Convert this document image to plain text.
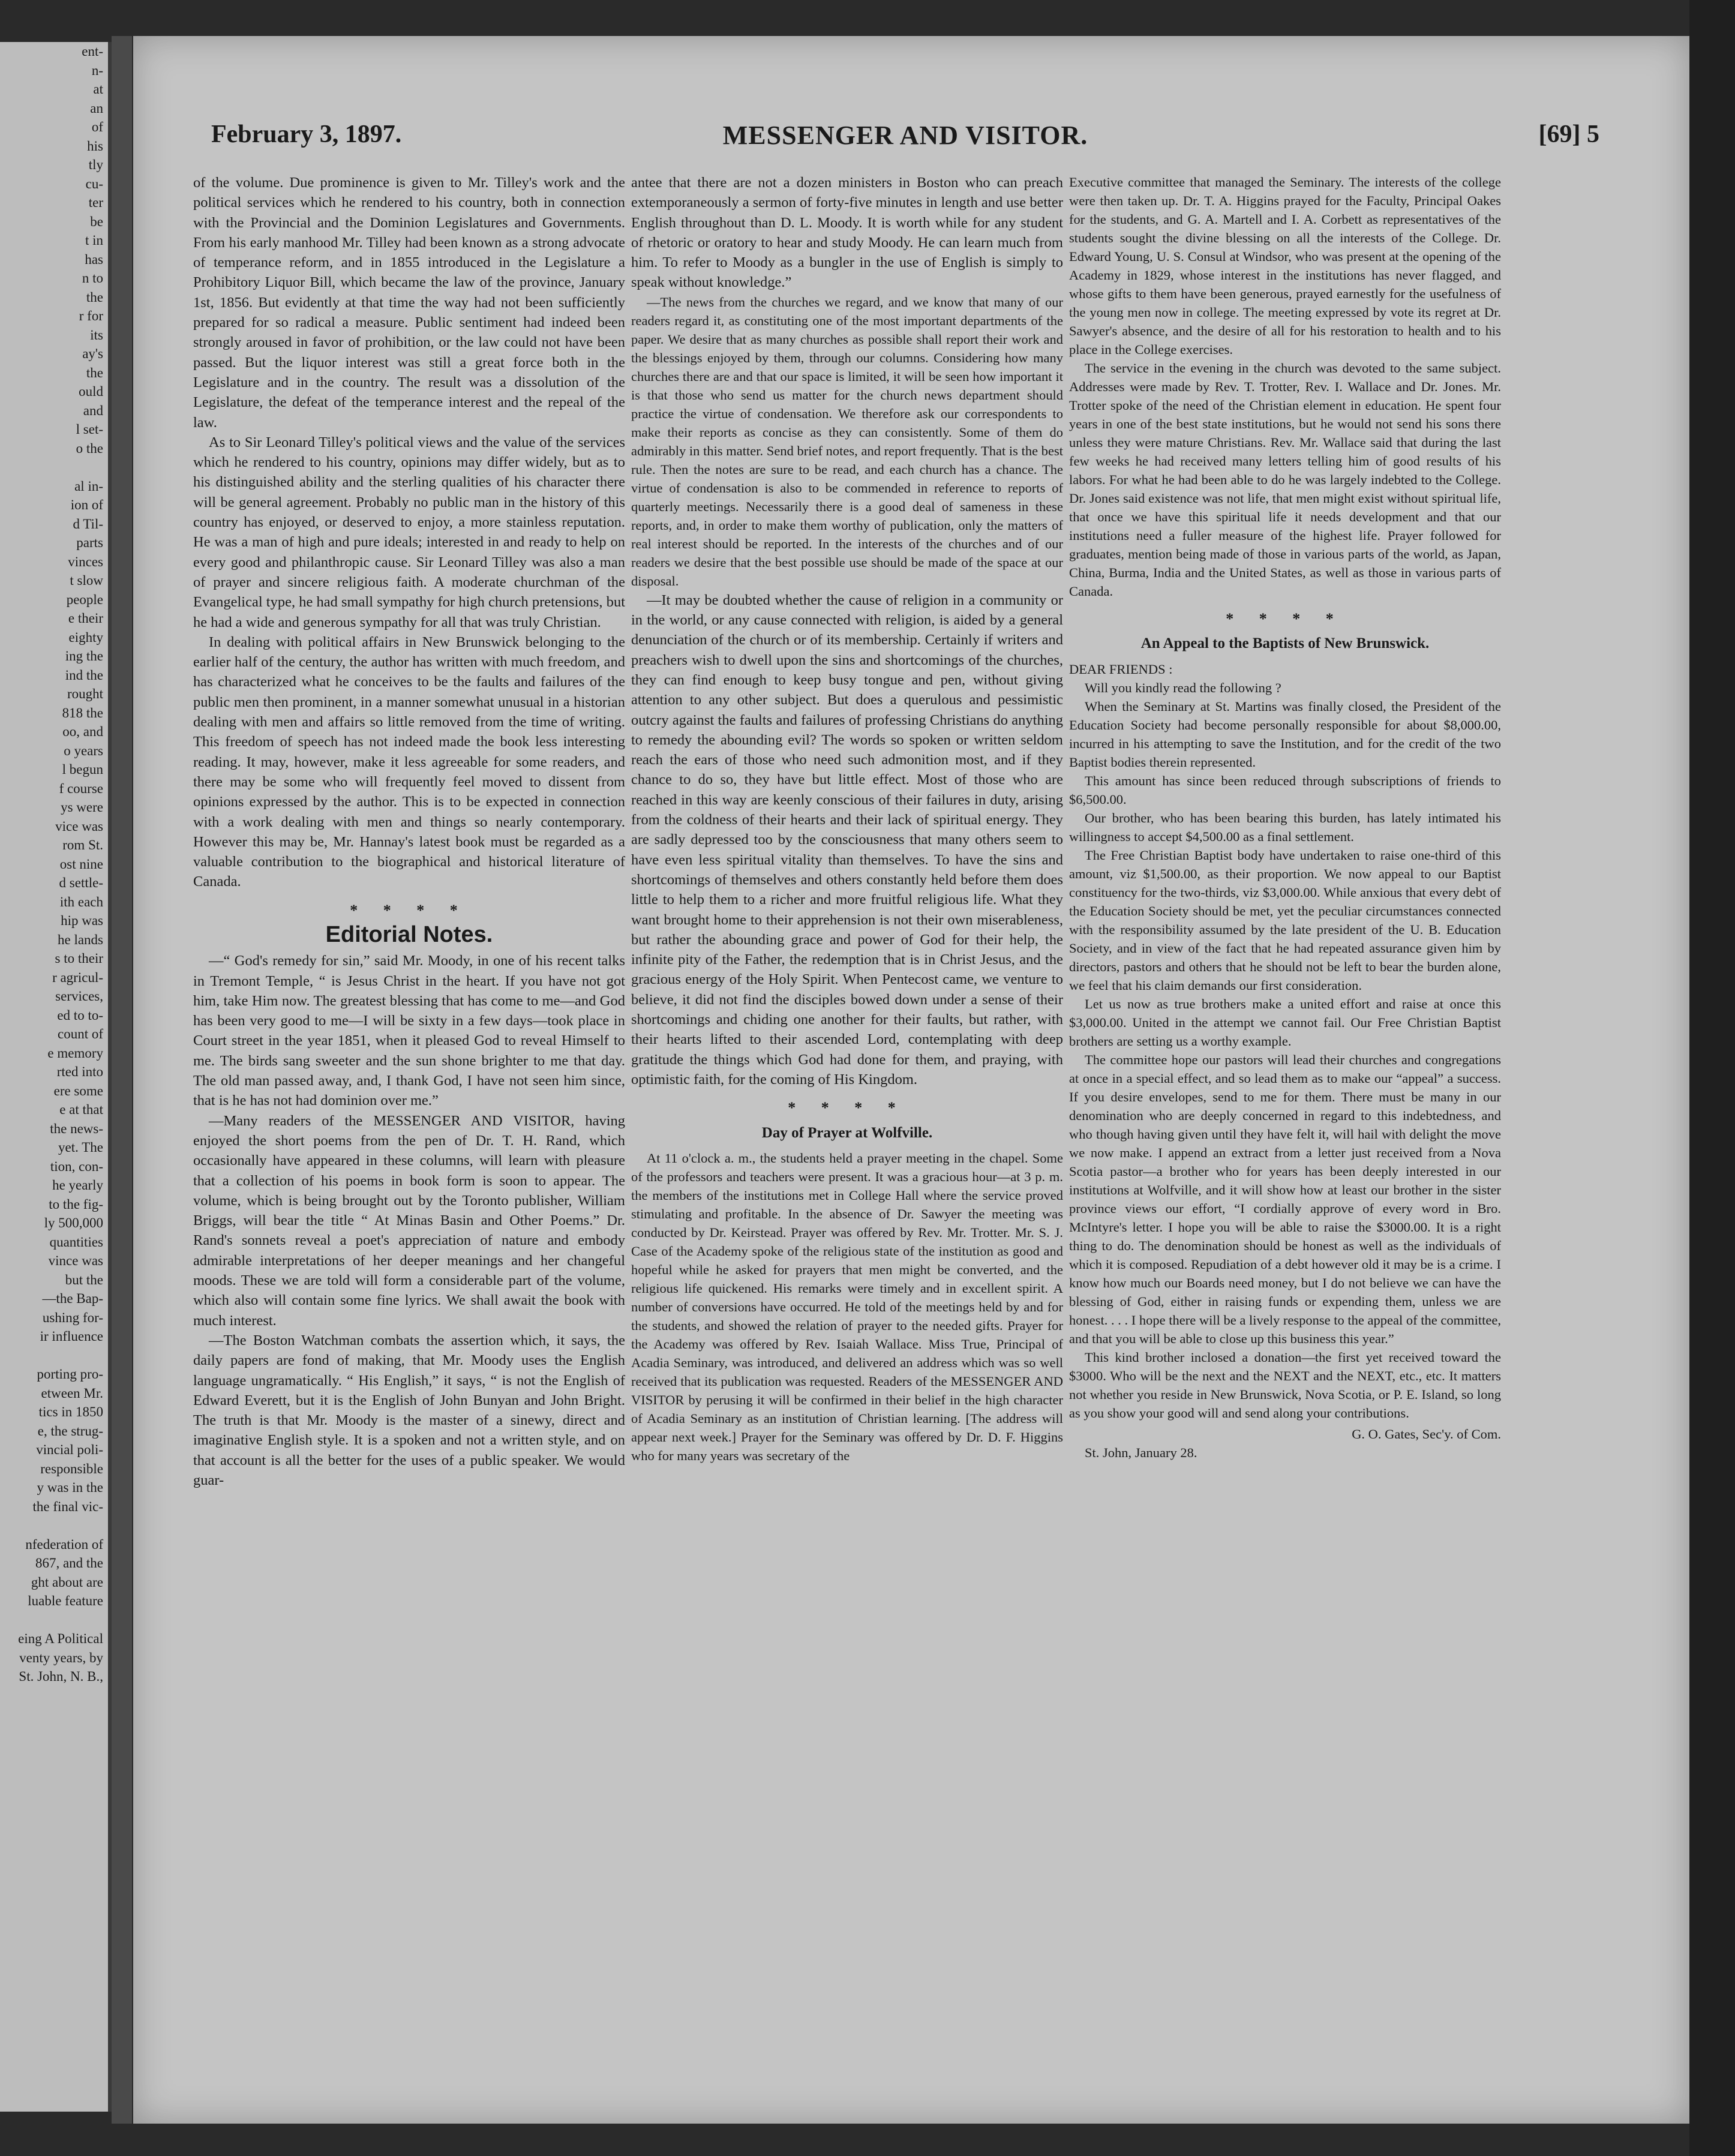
ent-
n-
at
an
of
his
tly
cu-
ter
be
t in
has
n to
the
r for
its
ay's
the
ould
and
l set-
o the

al in-
ion of
d Til-
parts
vinces
t slow
people
e their
eighty
ing the
ind the
rought
818 the
oo, and
o years
l begun
f course
ys were
vice was
rom St.
ost nine
d settle-
ith each
hip was
he lands
s to their
r agricul-
services,
ed to to-
count of
e memory
rted into
ere some
e at that
the news-
yet. The
tion, con-
he yearly
to the fig-
ly 500,000
quantities
vince was
but the
—the Bap-
ushing for-
ir influence

porting pro-
etween Mr.
tics in 1850
e, the strug-
vincial poli-
responsible
y was in the
the final vic-

nfederation of
867, and the
ght about are
luable feature

eing A Political
venty years, by
St. John, N. B.,
February 3, 1897.	MESSENGER AND VISITOR.	[69] 5

of the volume. Due prominence is given to Mr. Tilley's work and the political services which he rendered to his country, both in connection with the Provincial and the Dominion Legislatures and Governments. From his early manhood Mr. Tilley had been known as a strong advocate of temperance reform, and in 1855 introduced in the Legislature a Prohibitory Liquor Bill, which became the law of the province, January 1st, 1856. But evidently at that time the way had not been sufficiently prepared for so radical a measure. Public sentiment had indeed been strongly aroused in favor of prohibition, or the law could not have been passed. But the liquor interest was still a great force both in the Legislature and in the country. The result was a dissolution of the Legislature, the defeat of the temperance interest and the repeal of the law.

As to Sir Leonard Tilley's political views and the value of the services which he rendered to his country, opinions may differ widely, but as to his distinguished ability and the sterling qualities of his character there will be general agreement. Probably no public man in the history of this country has enjoyed, or deserved to enjoy, a more stainless reputation. He was a man of high and pure ideals; interested in and ready to help on every good and philanthropic cause. Sir Leonard Tilley was also a man of prayer and sincere religious faith. A moderate churchman of the Evangelical type, he had small sympathy for high church pretensions, but he had a wide and generous sympathy for all that was truly Christian.

In dealing with political affairs in New Brunswick belonging to the earlier half of the century, the author has written with much freedom, and has characterized what he conceives to be the faults and failures of the public men then prominent, in a manner somewhat unusual in a historian dealing with men and affairs so little removed from the time of writing. This freedom of speech has not indeed made the book less interesting reading. It may, however, make it less agreeable for some readers, and there may be some who will frequently feel moved to dissent from opinions expressed by the author. This is to be expected in connection with a work dealing with men and things so nearly contemporary. However this may be, Mr. Hannay's latest book must be regarded as a valuable contribution to the biographical and historical literature of Canada.

* * * *
Editorial Notes.

—“ God's remedy for sin,” said Mr. Moody, in one of his recent talks in Tremont Temple, “ is Jesus Christ in the heart. If you have not got him, take Him now. The greatest blessing that has come to me—and God has been very good to me—I will be sixty in a few days—took place in Court street in the year 1851, when it pleased God to reveal Himself to me. The birds sang sweeter and the sun shone brighter to me that day. The old man passed away, and, I thank God, I have not seen him since, that is he has not had dominion over me.”

—Many readers of the MESSENGER AND VISITOR, having enjoyed the short poems from the pen of Dr. T. H. Rand, which occasionally have appeared in these columns, will learn with pleasure that a collection of his poems in book form is soon to appear. The volume, which is being brought out by the Toronto publisher, William Briggs, will bear the title “ At Minas Basin and Other Poems.” Dr. Rand's sonnets reveal a poet's appreciation of nature and embody admirable interpretations of her deeper meanings and her changeful moods. These we are told will form a considerable part of the volume, which also will contain some fine lyrics. We shall await the book with much interest.

—The Boston Watchman combats the assertion which, it says, the daily papers are fond of making, that Mr. Moody uses the English language ungramatically. “ His English,” it says, “ is not the English of Edward Everett, but it is the English of John Bunyan and John Bright. The truth is that Mr. Moody is the master of a sinewy, direct and imaginative English style. It is a spoken and not a written style, and on that account is all the better for the uses of a public speaker. We would guar-

antee that there are not a dozen ministers in Boston who can preach extemporaneously a sermon of forty-five minutes in length and use better English throughout than D. L. Moody. It is worth while for any student of rhetoric or oratory to hear and study Moody. He can learn much from him. To refer to Moody as a bungler in the use of English is simply to speak without knowledge.”

—The news from the churches we regard, and we know that many of our readers regard it, as constituting one of the most important departments of the paper. We desire that as many churches as possible shall report their work and the blessings enjoyed by them, through our columns. Considering how many churches there are and that our space is limited, it will be seen how important it is that those who send us matter for the church news department should practice the virtue of condensation. We therefore ask our correspondents to make their reports as concise as they can consistently. Some of them do admirably in this matter. Send brief notes, and report frequently. That is the best rule. Then the notes are sure to be read, and each church has a chance. The virtue of condensation is also to be commended in reference to reports of quarterly meetings. Necessarily there is a good deal of sameness in these reports, and, in order to make them worthy of publication, only the matters of real interest should be reported. In the interests of the churches and of our readers we desire that the best possible use should be made of the space at our disposal.

—It may be doubted whether the cause of religion in a community or in the world, or any cause connected with religion, is aided by a general denunciation of the church or of its membership. Certainly if writers and preachers wish to dwell upon the sins and shortcomings of the churches, they can find enough to keep busy tongue and pen, without giving attention to any other subject. But does a querulous and pessimistic outcry against the faults and failures of professing Christians do anything to remedy the abounding evil? The words so spoken or written seldom reach the ears of those who need such admonition most, and if they chance to do so, they have but little effect. Most of those who are reached in this way are keenly conscious of their failures in duty, arising from the coldness of their hearts and their lack of spiritual energy. They are sadly depressed too by the consciousness that many others seem to have even less spiritual vitality than themselves. To have the sins and shortcomings of themselves and others constantly held before them does little to help them to a richer and more fruitful religious life. What they want brought home to their apprehension is not their own miserableness, but rather the abounding grace and power of God for their help, the infinite pity of the Father, the redemption that is in Christ Jesus, and the gracious energy of the Holy Spirit. When Pentecost came, we venture to believe, it did not find the disciples bowed down under a sense of their shortcomings and chiding one another for their faults, but rather, with their hearts lifted to their ascended Lord, contemplating with deep gratitude the things which God had done for them, and praying, with optimistic faith, for the coming of His Kingdom.

* * * *
Day of Prayer at Wolfville.

At 11 o'clock a. m., the students held a prayer meeting in the chapel. Some of the professors and teachers were present. It was a gracious hour—at 3 p. m. the members of the institutions met in College Hall where the service proved stimulating and profitable. In the absence of Dr. Sawyer the meeting was conducted by Dr. Keirstead. Prayer was offered by Rev. Mr. Trotter. Mr. S. J. Case of the Academy spoke of the religious state of the institution as good and hopeful while he asked for prayers that men might be converted, and the religious life quickened. His remarks were timely and in excellent spirit. A number of conversions have occurred. He told of the meetings held by and for the students, and showed the relation of prayer to the needed gifts. Prayer for the Academy was offered by Rev. Isaiah Wallace. Miss True, Principal of Acadia Seminary, was introduced, and delivered an address which was so well received that its publication was requested. Readers of the MESSENGER AND VISITOR by perusing it will be confirmed in their belief in the high character of Acadia Seminary as an institution of Christian learning. [The address will appear next week.] Prayer for the Seminary was offered by Dr. D. F. Higgins who for many years was secretary of the

Executive committee that managed the Seminary. The interests of the college were then taken up. Dr. T. A. Higgins prayed for the Faculty, Principal Oakes for the students, and G. A. Martell and I. A. Corbett as representatives of the students sought the divine blessing on all the interests of the College. Dr. Edward Young, U. S. Consul at Windsor, who was present at the opening of the Academy in 1829, whose interest in the institutions has never flagged, and whose gifts to them have been generous, prayed earnestly for the usefulness of the young men now in college. The meeting expressed by vote its regret at Dr. Sawyer's absence, and the desire of all for his restoration to health and to his place in the College exercises.

The service in the evening in the church was devoted to the same subject. Addresses were made by Rev. T. Trotter, Rev. I. Wallace and Dr. Jones. Mr. Trotter spoke of the need of the Christian element in education. He spent four years in one of the best state institutions, but he would not send his sons there unless they were mature Christians. Rev. Mr. Wallace said that during the last few weeks he had received many letters telling him of good results of his labors. For what he had been able to do he was largely indebted to the College. Dr. Jones said existence was not life, that men might exist without spiritual life, that once we have this spiritual life it needs development and that our institutions need a fuller measure of the highest life. Prayer followed for graduates, mention being made of those in various parts of the world, as Japan, China, Burma, India and the United States, as well as those in various parts of Canada.

* * * *
An Appeal to the Baptists of New Brunswick.

DEAR FRIENDS :

Will you kindly read the following ?

When the Seminary at St. Martins was finally closed, the President of the Education Society had become personally responsible for about $8,000.00, incurred in his attempting to save the Institution, and for the credit of the two Baptist bodies therein represented.

This amount has since been reduced through subscriptions of friends to $6,500.00.

Our brother, who has been bearing this burden, has lately intimated his willingness to accept $4,500.00 as a final settlement.

The Free Christian Baptist body have undertaken to raise one-third of this amount, viz $1,500.00, as their proportion. We now appeal to our Baptist constituency for the two-thirds, viz $3,000.00. While anxious that every debt of the Education Society should be met, yet the peculiar circumstances connected with the responsibility assumed by the late president of the U. B. Education Society, and in view of the fact that he had repeated assurance given him by directors, pastors and others that he should not be left to bear the burden alone, we feel that his claim demands our first consideration.

Let us now as true brothers make a united effort and raise at once this $3,000.00. United in the attempt we cannot fail. Our Free Christian Baptist brothers are setting us a worthy example.

The committee hope our pastors will lead their churches and congregations at once in a special effect, and so lead them as to make our “appeal” a success. If you desire envelopes, send to me for them. There must be many in our denomination who are deeply concerned in regard to this indebtedness, and who though having given until they have felt it, will hail with delight the move we now make. I append an extract from a letter just received from a Nova Scotia pastor—a brother who for years has been deeply interested in our institutions at Wolfville, and it will show how at least our brother in the sister province views our effort, “I cordially approve of every word in Bro. McIntyre's letter. I hope you will be able to raise the $3000.00. It is a right thing to do. The denomination should be honest as well as the individuals of which it is composed. Repudiation of a debt however old it may be is a crime. I know how much our Boards need money, but I do not believe we can have the blessing of God, either in raising funds or expending them, unless we are honest. . . . I hope there will be a lively response to the appeal of the committee, and that you will be able to close up this business this year.”

This kind brother inclosed a donation—the first yet received toward the $3000. Who will be the next and the NEXT and the NEXT, etc., etc. It matters not whether you reside in New Brunswick, Nova Scotia, or P. E. Island, so long as you show your good will and send along your contributions.

G. O. Gates, Sec'y. of Com.

St. John, January 28.
